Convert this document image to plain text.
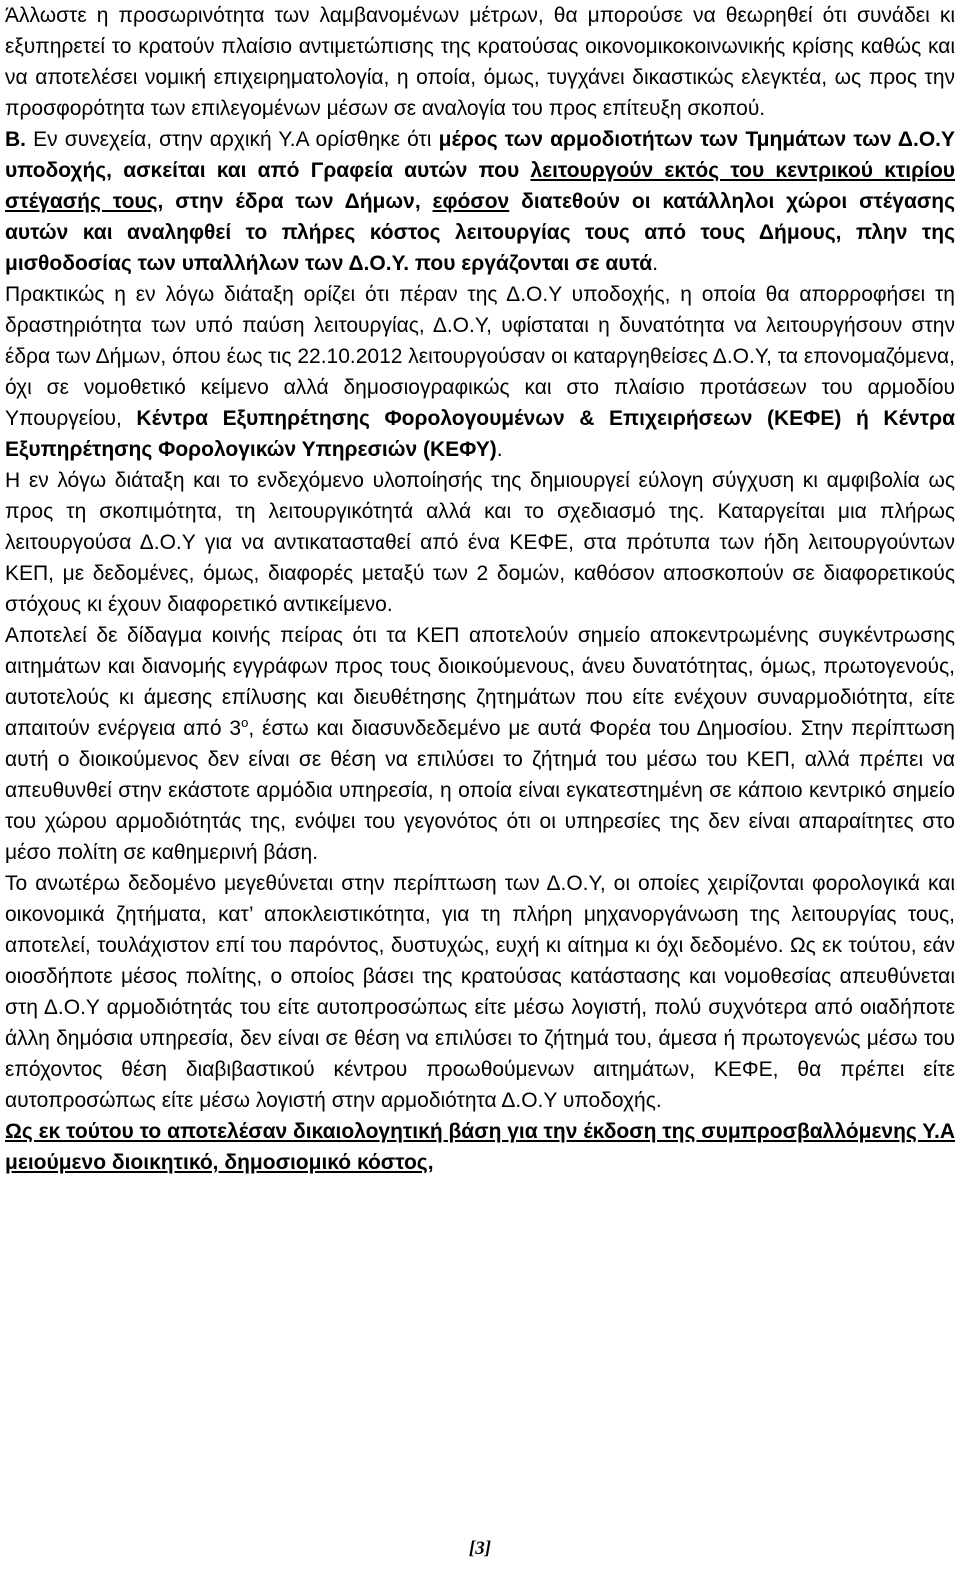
Άλλωστε η προσωρινότητα των λαμβανομένων μέτρων, θα μπορούσε να θεωρηθεί ότι συνάδει κι εξυπηρετεί το κρατούν πλαίσιο αντιμετώπισης της κρατούσας οικονομικοκοινωνικής κρίσης καθώς και να αποτελέσει νομική επιχειρηματολογία, η οποία, όμως, τυγχάνει δικαστικώς ελεγκτέα, ως προς την προσφορότητα των επιλεγομένων μέσων σε αναλογία του προς επίτευξη σκοπού.

Β. Εν συνεχεία, στην αρχική Υ.Α ορίσθηκε ότι μέρος των αρμοδιοτήτων των Τμημάτων των Δ.Ο.Υ υποδοχής, ασκείται και από Γραφεία αυτών που λειτουργούν εκτός του κεντρικού κτιρίου στέγασής τους, στην έδρα των Δήμων, εφόσον διατεθούν οι κατάλληλοι χώροι στέγασης αυτών και αναληφθεί το πλήρες κόστος λειτουργίας τους από τους Δήμους, πλην της μισθοδοσίας των υπαλλήλων των Δ.Ο.Υ. που εργάζονται σε αυτά.

Πρακτικώς η εν λόγω διάταξη ορίζει ότι πέραν της Δ.Ο.Υ υποδοχής, η οποία θα απορροφήσει τη δραστηριότητα των υπό παύση λειτουργίας, Δ.Ο.Υ, υφίσταται η δυνατότητα να λειτουργήσουν στην έδρα των Δήμων, όπου έως τις 22.10.2012 λειτουργούσαν οι καταργηθείσες Δ.Ο.Υ, τα επονομαζόμενα, όχι σε νομοθετικό κείμενο αλλά δημοσιογραφικώς και στο πλαίσιο προτάσεων του αρμοδίου Υπουργείου, Κέντρα Εξυπηρέτησης Φορολογουμένων & Επιχειρήσεων (ΚΕΦΕ) ή Κέντρα Εξυπηρέτησης Φορολογικών Υπηρεσιών (ΚΕΦΥ).

Η εν λόγω διάταξη και το ενδεχόμενο υλοποίησής της δημιουργεί εύλογη σύγχυση κι αμφιβολία ως προς τη σκοπιμότητα, τη λειτουργικότητά αλλά και το σχεδιασμό της. Καταργείται μια πλήρως λειτουργούσα Δ.Ο.Υ για να αντικατασταθεί από ένα ΚΕΦΕ, στα πρότυπα των ήδη λειτουργούντων ΚΕΠ, με δεδομένες, όμως, διαφορές μεταξύ των 2 δομών, καθόσον αποσκοπούν σε διαφορετικούς στόχους κι έχουν διαφορετικό αντικείμενο.

Αποτελεί δε δίδαγμα κοινής πείρας ότι τα ΚΕΠ αποτελούν σημείο αποκεντρωμένης συγκέντρωσης αιτημάτων και διανομής εγγράφων προς τους διοικούμενους, άνευ δυνατότητας, όμως, πρωτογενούς, αυτοτελούς κι άμεσης επίλυσης και διευθέτησης ζητημάτων που είτε ενέχουν συναρμοδιότητα, είτε απαιτούν ενέργεια από $3^o$, έστω και διασυνδεδεμένο με αυτά Φορέα του Δημοσίου. Στην περίπτωση αυτή ο διοικούμενος δεν είναι σε θέση να επιλύσει το ζήτημά του μέσω του ΚΕΠ, αλλά πρέπει να απευθυνθεί στην εκάστοτε αρμόδια υπηρεσία, η οποία είναι εγκατεστημένη σε κάποιο κεντρικό σημείο του χώρου αρμοδιότητάς της, ενόψει του γεγονότος ότι οι υπηρεσίες της δεν είναι απαραίτητες στο μέσο πολίτη σε καθημερινή βάση.

Το ανωτέρω δεδομένο μεγεθύνεται στην περίπτωση των Δ.Ο.Υ, οι οποίες χειρίζονται φορολογικά και οικονομικά ζητήματα, κατ’ αποκλειστικότητα, για τη πλήρη μηχανοργάνωση της λειτουργίας τους, αποτελεί, τουλάχιστον επί του παρόντος, δυστυχώς, ευχή κι αίτημα κι όχι δεδομένο. Ως εκ τούτου, εάν οιοσδήποτε μέσος πολίτης, ο οποίος βάσει της κρατούσας κατάστασης και νομοθεσίας απευθύνεται στη Δ.Ο.Υ αρμοδιότητάς του είτε αυτοπροσώπως είτε μέσω λογιστή, πολύ συχνότερα από οιαδήποτε άλλη δημόσια υπηρεσία, δεν είναι σε θέση να επιλύσει το ζήτημά του, άμεσα ή πρωτογενώς μέσω του επόχοντος θέση διαβιβαστικού κέντρου προωθούμενων αιτημάτων, ΚΕΦΕ, θα πρέπει είτε αυτοπροσώπως είτε μέσω λογιστή στην αρμοδιότητα Δ.Ο.Υ υποδοχής.

Ως εκ τούτου το αποτελέσαν δικαιολογητική βάση για την έκδοση της συμπροσβαλλόμενης Υ.Α μειούμενο διοικητικό, δημοσιομικό κόστος,

[3]
